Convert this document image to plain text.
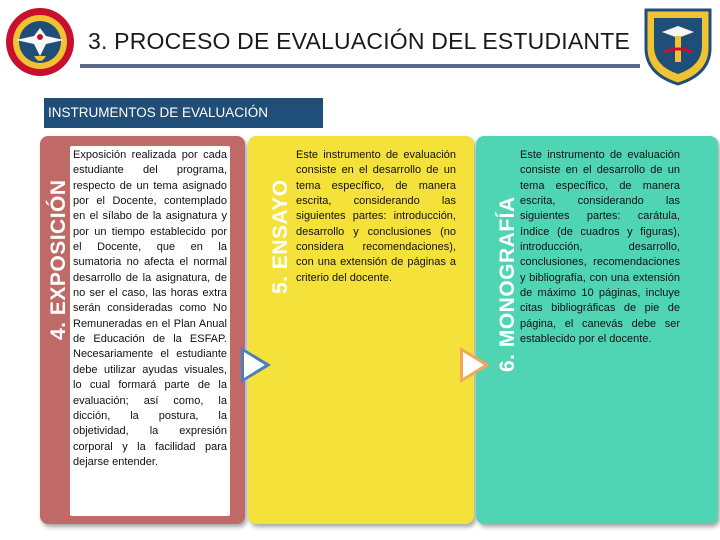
3. PROCESO DE EVALUACIÓN DEL ESTUDIANTE
INSTRUMENTOS DE EVALUACIÓN
4. EXPOSICIÓN

Exposición realizada por cada estudiante del programa, respecto de un tema asignado por el Docente, contemplado en el sílabo de la asignatura y por un tiempo establecido por el Docente, que en la sumatoria no afecta el normal desarrollo de la asignatura, de no ser el caso, las horas extra serán consideradas como No Remuneradas en el Plan Anual de Educación de la ESFAP. Necesariamente el estudiante debe utilizar ayudas visuales, lo cual formará parte de la evaluación; así como, la dicción, la postura, la objetividad, la expresión corporal y la facilidad para dejarse entender.

5. ENSAYO

Este instrumento de evaluación consiste en el desarrollo de un tema específico, de manera escrita, considerando las siguientes partes: introducción, desarrollo y conclusiones (no considera recomendaciones), con una extensión de páginas a criterio del docente.	6. MONOGRAFÍA

Este instrumento de evaluación consiste en el desarrollo de un tema específico, de manera escrita, considerando las siguientes partes: carátula, índice (de cuadros y figuras), introducción, desarrollo, conclusiones, recomendaciones y bibliografía, con una extensión de máximo 10 páginas, incluye citas bibliográficas de pie de página, el canevás debe ser establecido por el docente.
